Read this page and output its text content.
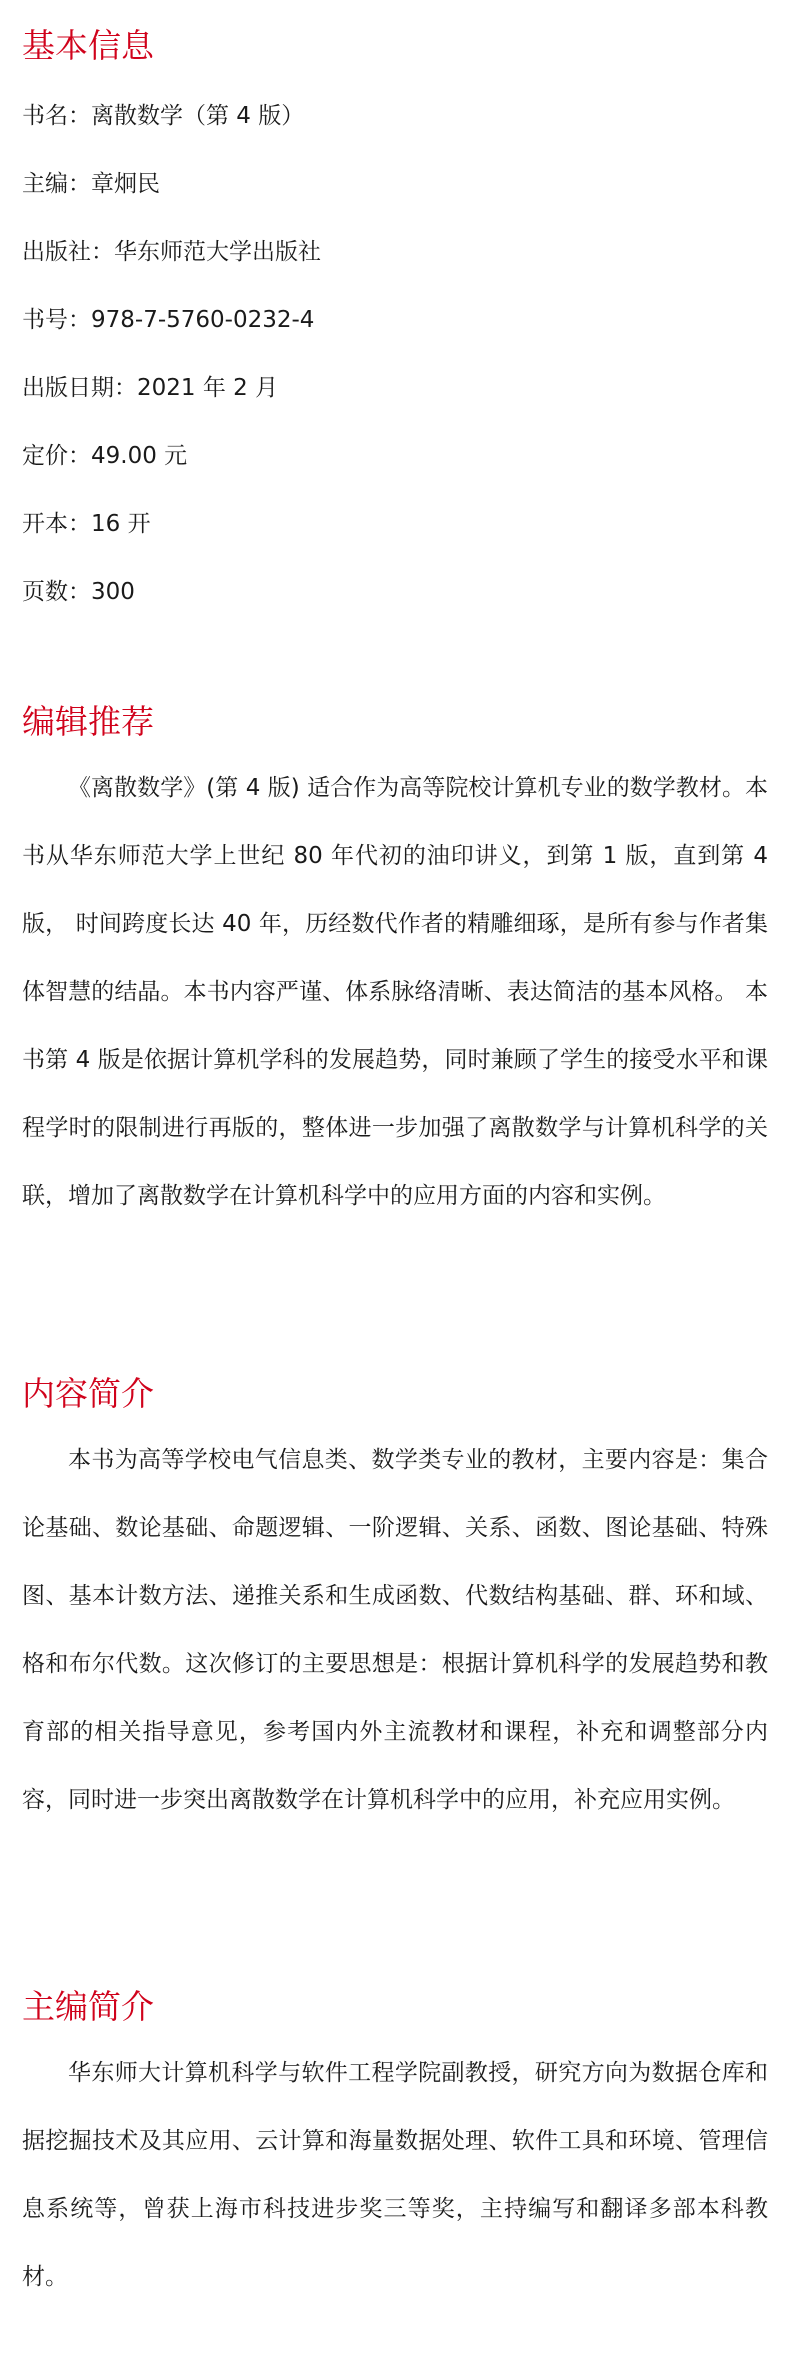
基本信息
书名：离散数学（第 4 版）
主编：章炯民
出版社：华东师范大学出版社
书号：978-7-5760-0232-4
出版日期：2021 年 2 月
定价：49.00 元
开本：16 开
页数：300
编辑推荐

《离散数学》(第 4 版) 适合作为高等院校计算机专业的数学教材。本书从华东师范大学上世纪 80 年代初的油印讲义，到第 1 版，直到第 4 版， 时间跨度长达 40 年，历经数代作者的精雕细琢，是所有参与作者集体智慧的结晶。本书内容严谨、体系脉络清晰、表达简洁的基本风格。 本书第 4 版是依据计算机学科的发展趋势，同时兼顾了学生的接受水平和课程学时的限制进行再版的，整体进一步加强了离散数学与计算机科学的关联，增加了离散数学在计算机科学中的应用方面的内容和实例。

内容简介

本书为高等学校电气信息类、数学类专业的教材，主要内容是：集合论基础、数论基础、命题逻辑、一阶逻辑、关系、函数、图论基础、特殊图、基本计数方法、递推关系和生成函数、代数结构基础、群、环和域、格和布尔代数。这次修订的主要思想是：根据计算机科学的发展趋势和教育部的相关指导意见，参考国内外主流教材和课程，补充和调整部分内容，同时进一步突出离散数学在计算机科学中的应用，补充应用实例。

主编简介

华东师大计算机科学与软件工程学院副教授，研究方向为数据仓库和据挖掘技术及其应用、云计算和海量数据处理、软件工具和环境、管理信息系统等，曾获上海市科技进步奖三等奖，主持编写和翻译多部本科教材。
